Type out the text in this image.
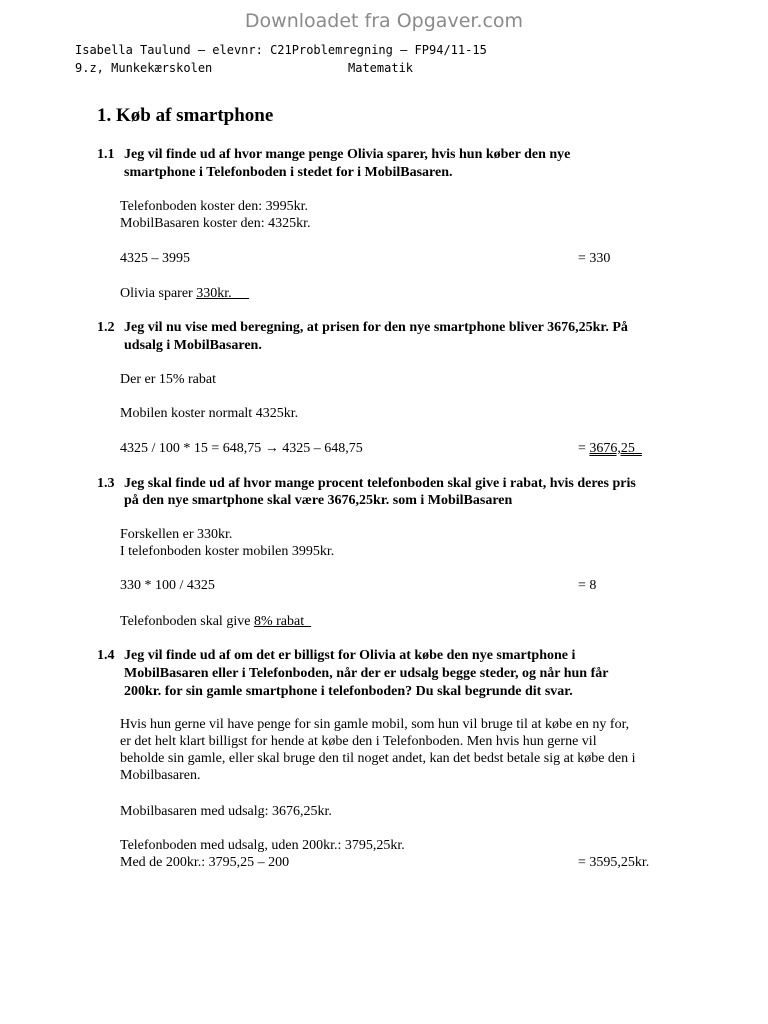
Downloadet fra Opgaver.com
Isabella Taulund – elevnr: C21Problemregning – FP94/11-15
9.z, Munkekærskolen	Matematik
1. Køb af smartphone
1.1 Jeg vil finde ud af hvor mange penge Olivia sparer, hvis hun køber den nye
smartphone i Telefonboden i stedet for i MobilBasaren.
Telefonboden koster den: 3995kr.
MobilBasaren koster den: 4325kr.
4325 – 3995	= 330
Olivia sparer 330kr.
1.2 Jeg vil nu vise med beregning, at prisen for den nye smartphone bliver 3676,25kr. På
udsalg i MobilBasaren.
Der er 15% rabat
Mobilen koster normalt 4325kr.
4325 / 100 * 15 = 648,75 → 4325 – 648,75	= 3676,25
1.3 Jeg skal finde ud af hvor mange procent telefonboden skal give i rabat, hvis deres pris
på den nye smartphone skal være 3676,25kr. som i MobilBasaren
Forskellen er 330kr.
I telefonboden koster mobilen 3995kr.
330 * 100 / 4325	= 8
Telefonboden skal give 8% rabat
1.4 Jeg vil finde ud af om det er billigst for Olivia at købe den nye smartphone i
MobilBasaren eller i Telefonboden, når der er udsalg begge steder, og når hun får
200kr. for sin gamle smartphone i telefonboden? Du skal begrunde dit svar.
Hvis hun gerne vil have penge for sin gamle mobil, som hun vil bruge til at købe en ny for,
er det helt klart billigst for hende at købe den i Telefonboden. Men hvis hun gerne vil
beholde sin gamle, eller skal bruge den til noget andet, kan det bedst betale sig at købe den i
Mobilbasaren.
Mobilbasaren med udsalg: 3676,25kr.
Telefonboden med udsalg, uden 200kr.: 3795,25kr.
Med de 200kr.: 3795,25 – 200	= 3595,25kr.
